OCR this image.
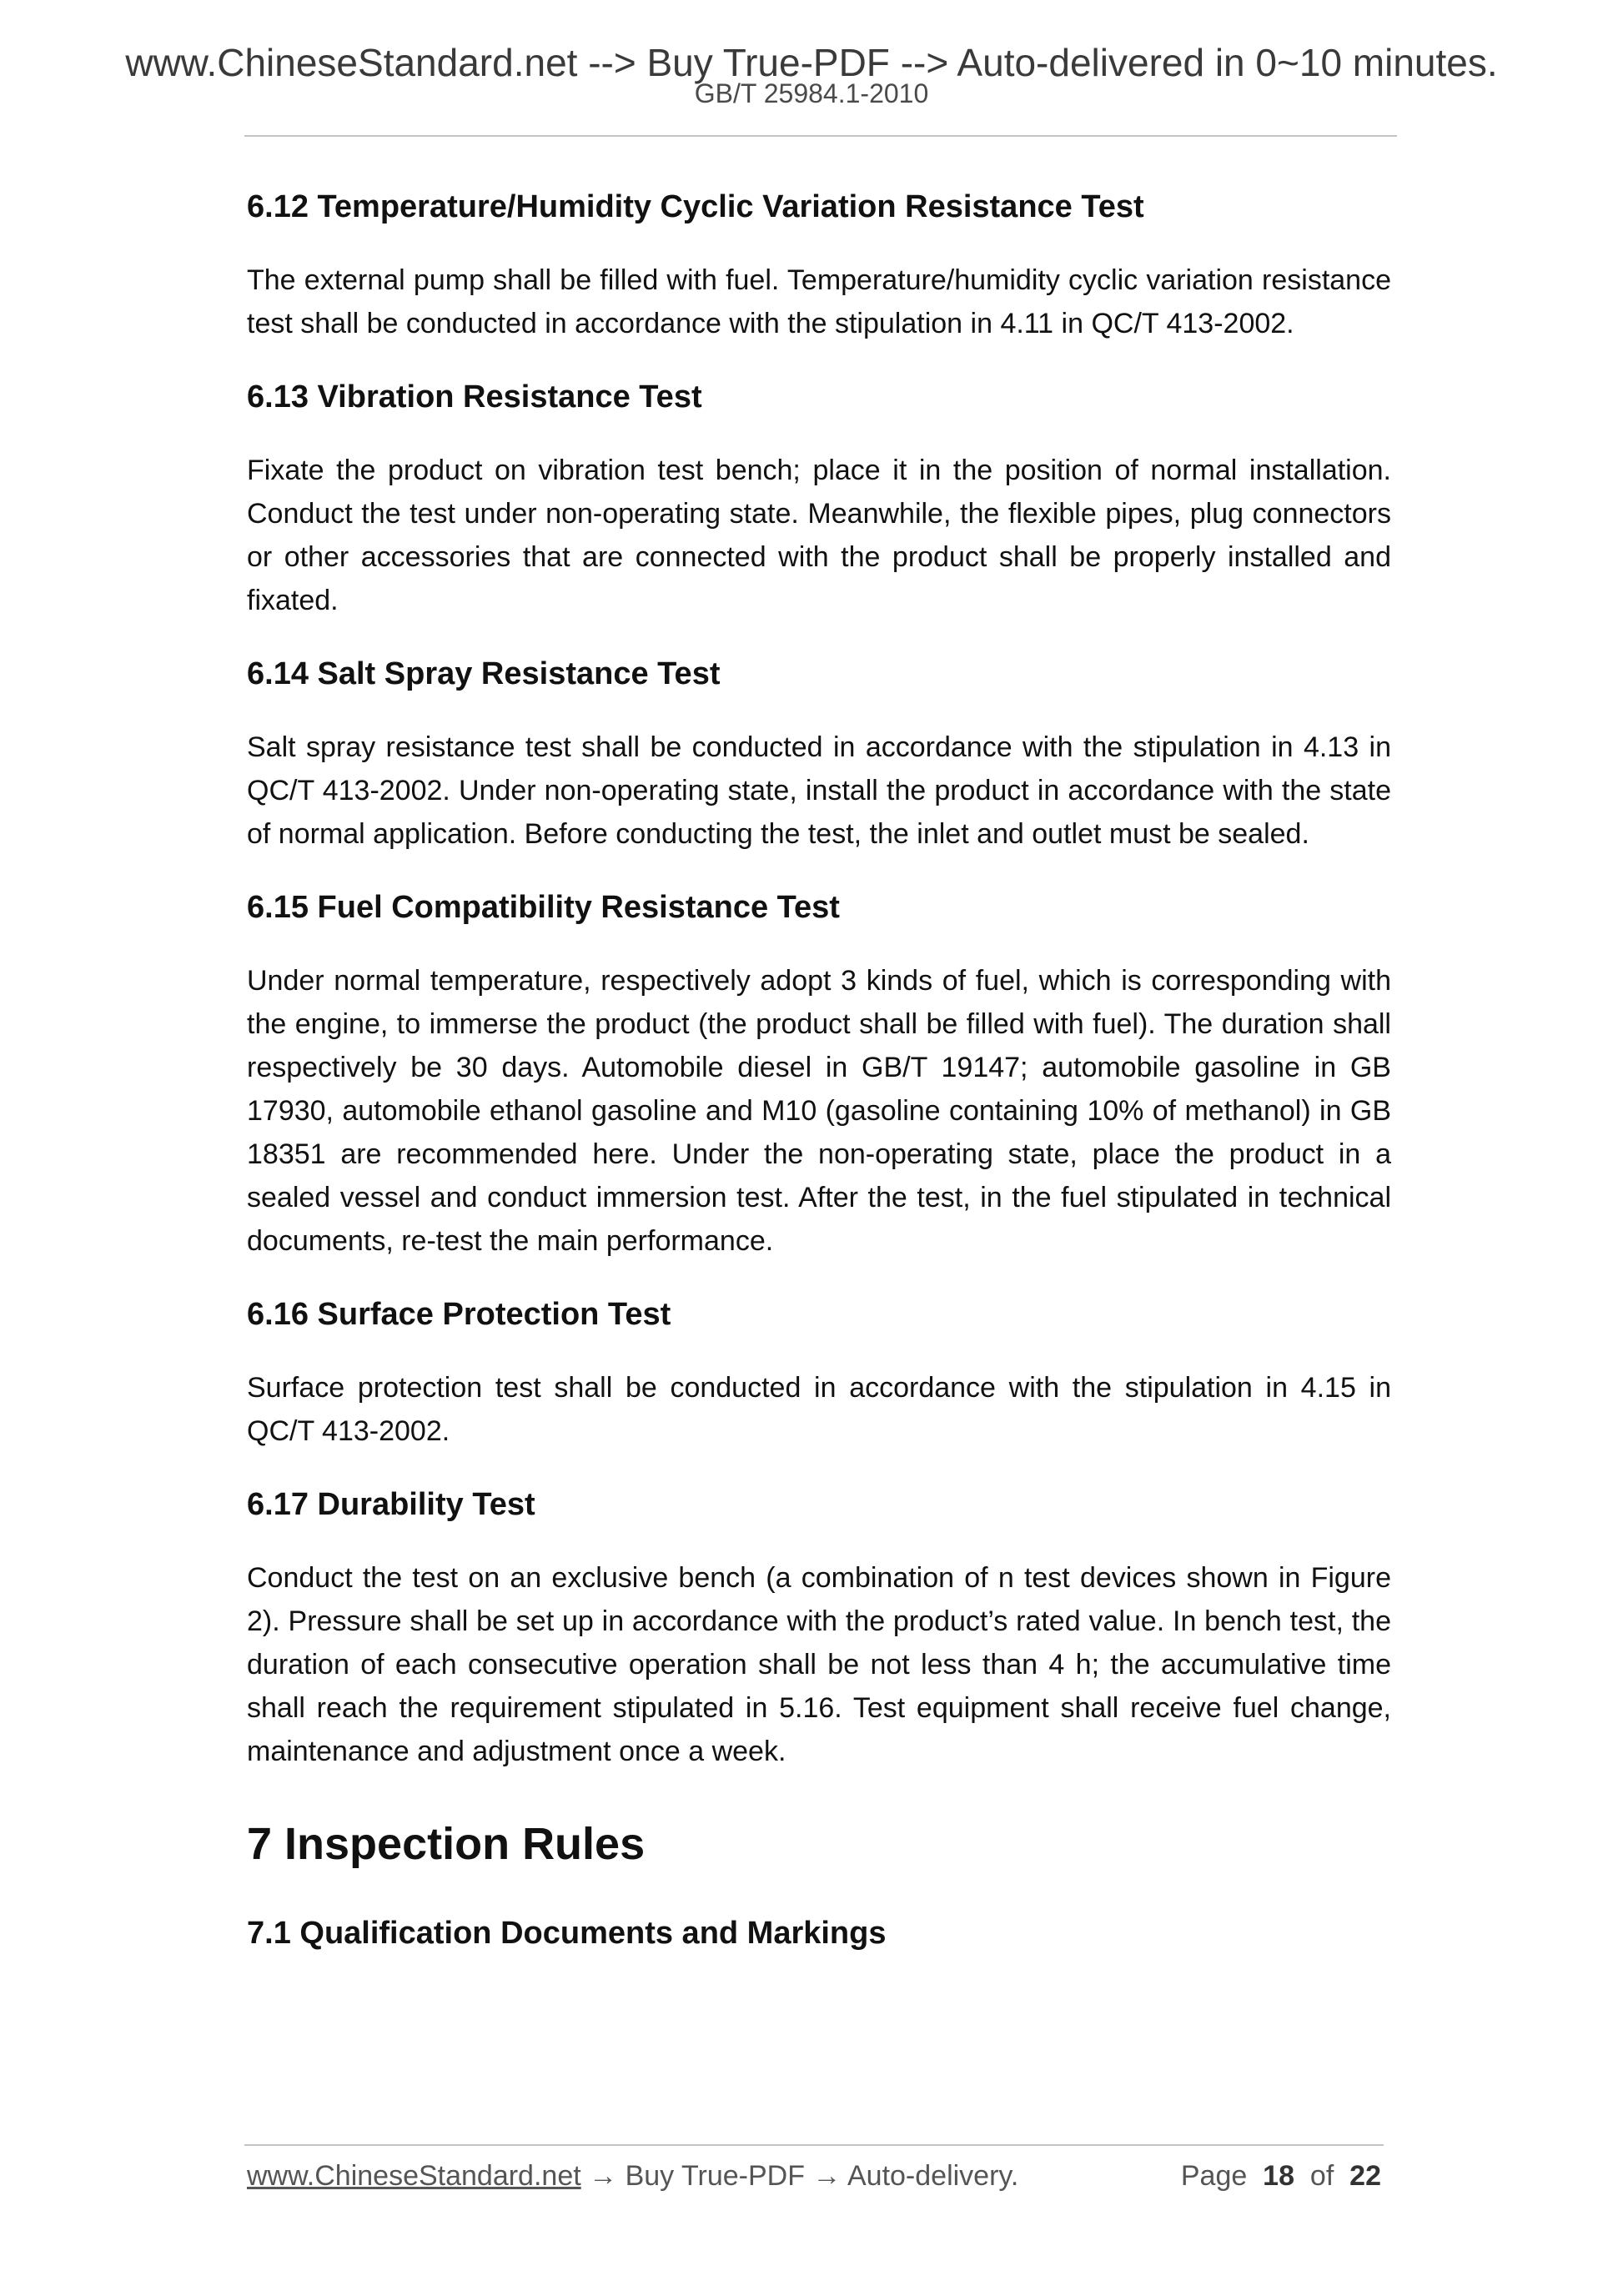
www.ChineseStandard.net --> Buy True-PDF --> Auto-delivered in 0~10 minutes.
GB/T 25984.1-2010
6.12 Temperature/Humidity Cyclic Variation Resistance Test
The external pump shall be filled with fuel. Temperature/humidity cyclic variation resistance test shall be conducted in accordance with the stipulation in 4.11 in QC/T 413-2002.
6.13 Vibration Resistance Test
Fixate the product on vibration test bench; place it in the position of normal installation. Conduct the test under non-operating state. Meanwhile, the flexible pipes, plug connectors or other accessories that are connected with the product shall be properly installed and fixated.
6.14 Salt Spray Resistance Test
Salt spray resistance test shall be conducted in accordance with the stipulation in 4.13 in QC/T 413-2002. Under non-operating state, install the product in accordance with the state of normal application. Before conducting the test, the inlet and outlet must be sealed.
6.15 Fuel Compatibility Resistance Test
Under normal temperature, respectively adopt 3 kinds of fuel, which is corresponding with the engine, to immerse the product (the product shall be filled with fuel). The duration shall respectively be 30 days. Automobile diesel in GB/T 19147; automobile gasoline in GB 17930, automobile ethanol gasoline and M10 (gasoline containing 10% of methanol) in GB 18351 are recommended here. Under the non-operating state, place the product in a sealed vessel and conduct immersion test. After the test, in the fuel stipulated in technical documents, re-test the main performance.
6.16 Surface Protection Test
Surface protection test shall be conducted in accordance with the stipulation in 4.15 in QC/T 413-2002.
6.17 Durability Test
Conduct the test on an exclusive bench (a combination of n test devices shown in Figure 2). Pressure shall be set up in accordance with the product’s rated value. In bench test, the duration of each consecutive operation shall be not less than 4 h; the accumulative time shall reach the requirement stipulated in 5.16. Test equipment shall receive fuel change, maintenance and adjustment once a week.
7 Inspection Rules
7.1 Qualification Documents and Markings
www.ChineseStandard.net → Buy True-PDF → Auto-delivery.	Page 18 of 22
